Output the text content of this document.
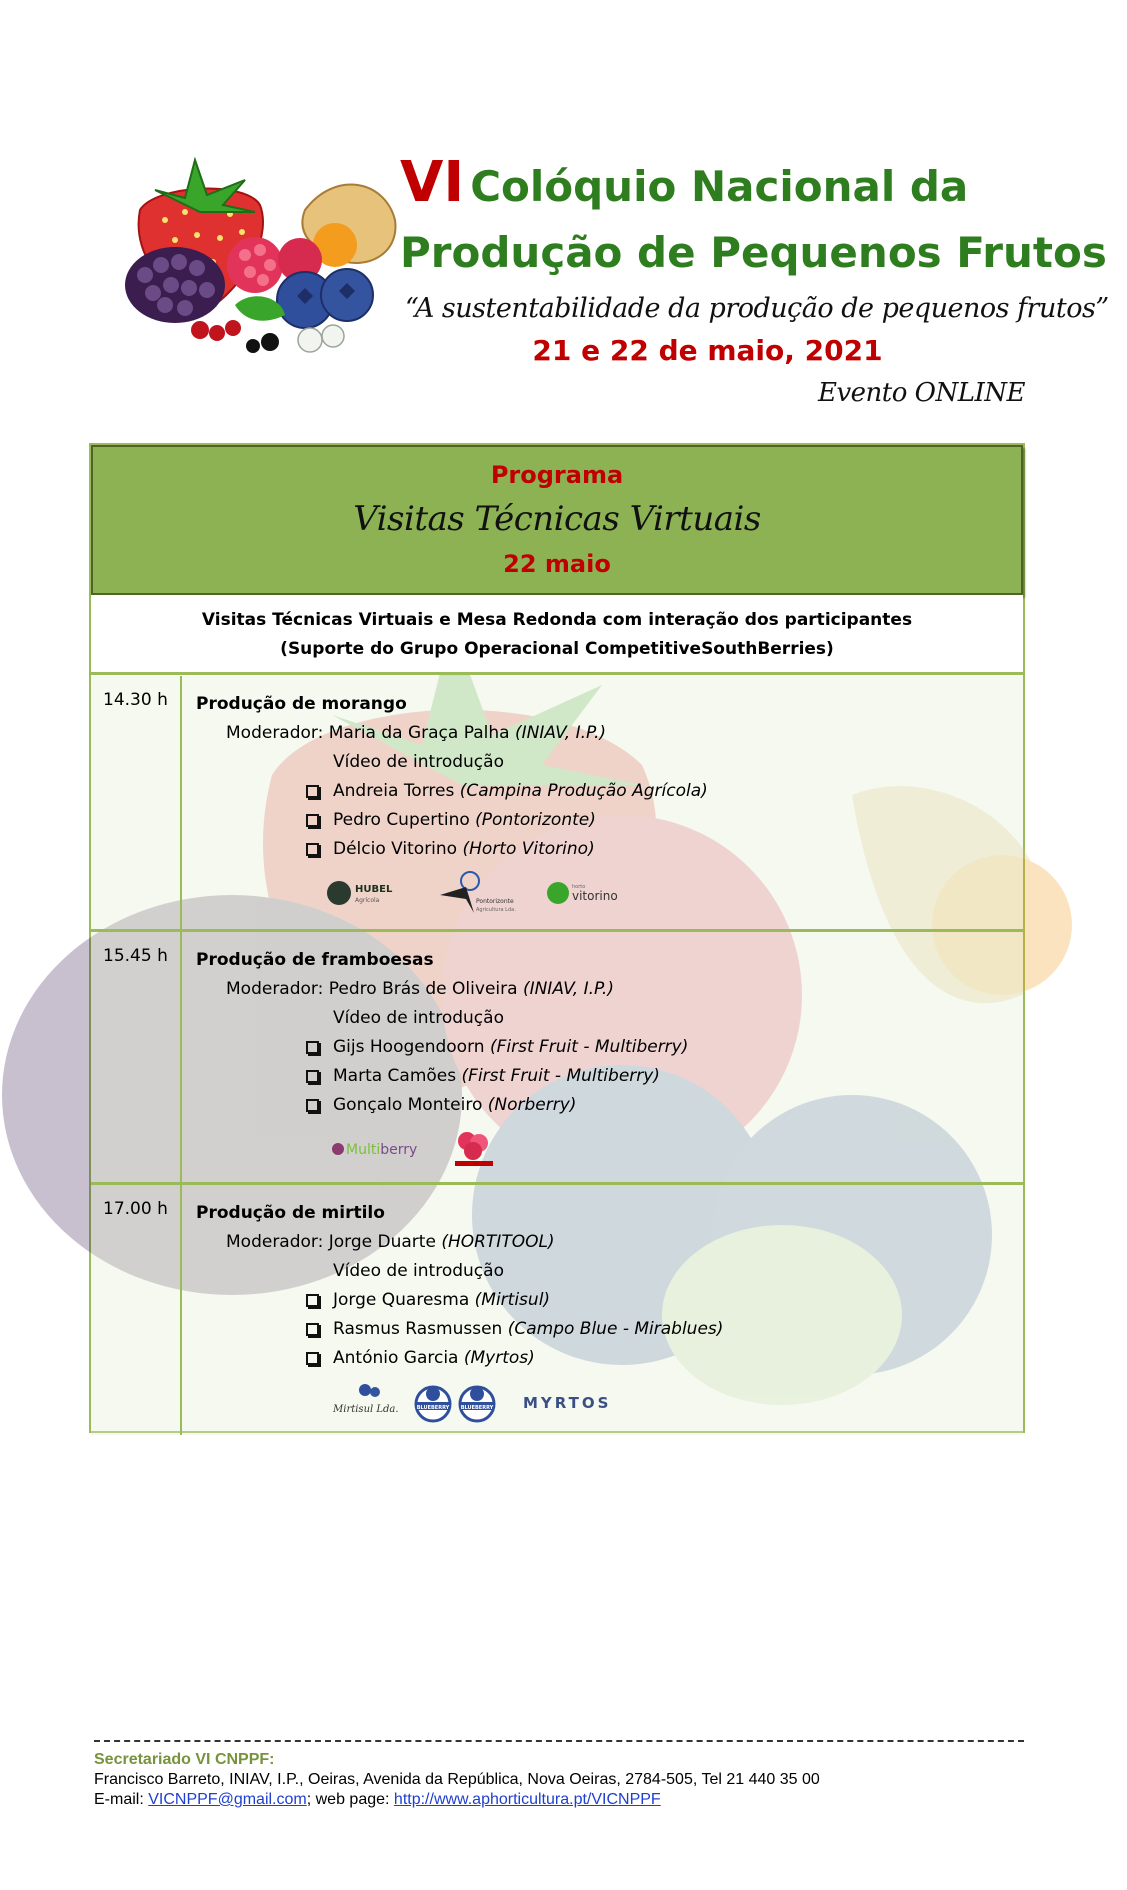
VI Colóquio Nacional da
Produção de Pequenos Frutos
“A sustentabilidade da produção de pequenos frutos”
21 e 22 de maio, 2021
Evento ONLINE
Programa
Visitas Técnicas Virtuais
22 maio
Visitas Técnicas Virtuais e Mesa Redonda com interação dos participantes
(Suporte do Grupo Operacional CompetitiveSouthBerries)
14.30 h Produção de morango
Moderador: Maria da Graça Palha (INIAV, I.P.)
Vídeo de introdução
Andreia Torres
(Campina Produção Agrícola)
Pedro Cupertino
(Pontorizonte)
Délcio Vitorino
(Horto Vitorino)
HUBEL
Agrícola	Pontorizonte
Agricultura Lda.
horto
vitorino
15.45 h Produção de framboesas
Moderador: Pedro Brás de Oliveira (INIAV, I.P.)
Vídeo de introdução
Gijs Hoogendoorn
(First Fruit - Multiberry)
Marta Camões
(First Fruit - Multiberry)
Gonçalo Monteiro
(Norberry)
Multiberry
17.00 h Produção de mirtilo
Moderador: Jorge Duarte (HORTITOOL)
Vídeo de introdução
Jorge Quaresma
(Mirtisul)
Rasmus Rasmussen
(Campo Blue - Mirablues)
António Garcia
(Myrtos)
Mirtisul Lda.	BLUEBERRY BLUEBERRY MYRTOS
Secretariado VI CNPPF:
Francisco Barreto, INIAV, I.P., Oeiras, Avenida da República, Nova Oeiras, 2784-505, Tel 21 440 35 00
E-mail: VICNPPF@gmail.com; web page: http://www.aphorticultura.pt/VICNPPF
